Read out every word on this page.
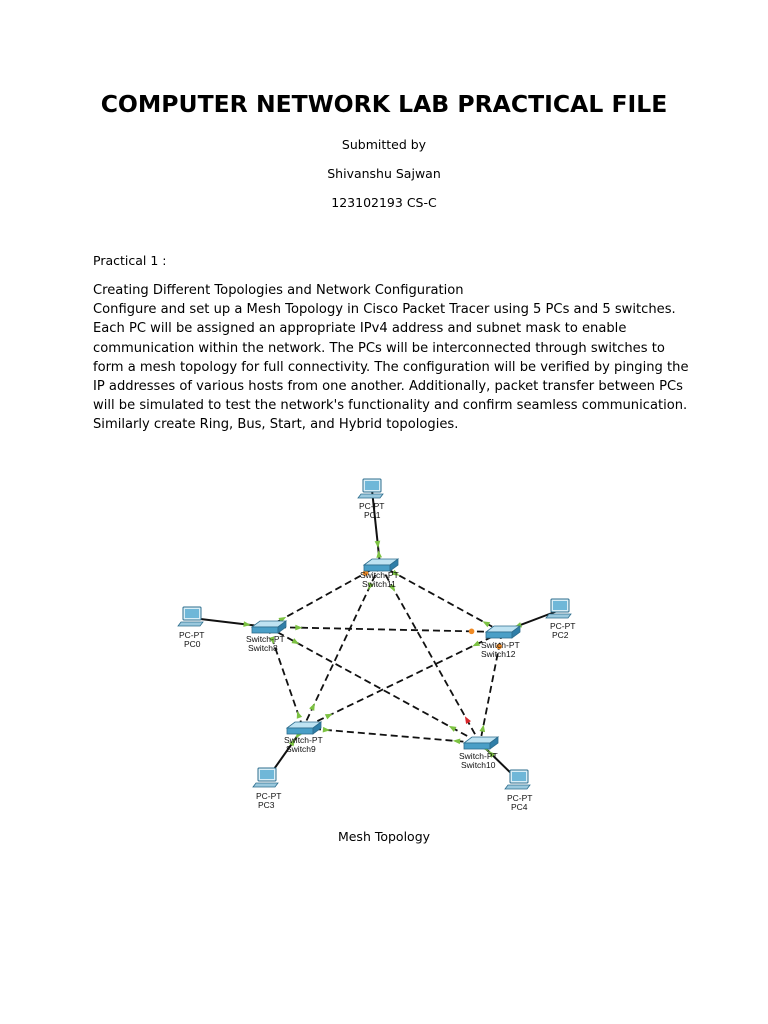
COMPUTER NETWORK LAB PRACTICAL FILE
Submitted by
Shivanshu Sajwan
123102193 CS-C
Practical 1 :
Creating Different Topologies and Network Configuration
Configure and set up a Mesh Topology in Cisco Packet Tracer using 5 PCs and 5 switches.
Each PC will be assigned an appropriate IPv4 address and subnet mask to enable
communication within the network. The PCs will be interconnected through switches to
form a mesh topology for full connectivity. The configuration will be verified by pinging the
IP addresses of various hosts from one another. Additionally, packet transfer between PCs
will be simulated to test the network's functionality and confirm seamless communication.
Similarly create Ring, Bus, Start, and Hybrid topologies.
Switch-PT
Switch11
Switch-PT
Switch8	Switch-PT
Switch12
Switch-PT
Switch9
Switch-PT
Switch10
PC-PT
PC1
PC-PT
PC0
PC-PT
PC2
PC-PT
PC3
PC-PT
PC4
Mesh Topology
